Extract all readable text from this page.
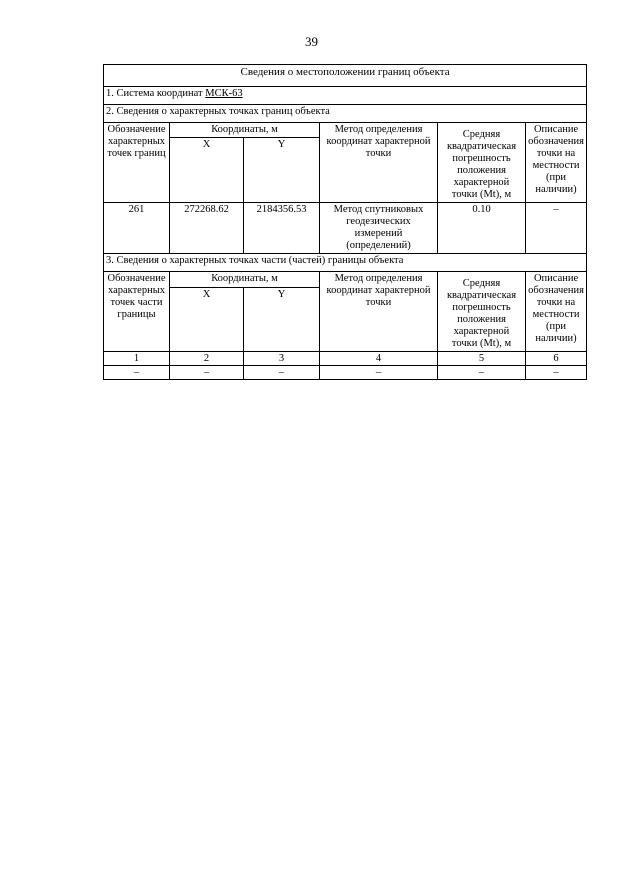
39
Сведения о местоположении границ объекта					
1. Система координат МСК-63					
2. Сведения о характерных точках границ объекта					
Обозначение характерных точек границ	Координаты, м		Метод определения координат характерной точки	Средняя квадратическая погрешность положения характерной точки (Mt), м	Описание обозначения точки на местности (при наличии)
	X	Y			
261	272268.62	2184356.53	Метод спутниковых геодезических измерений (определений)	0.10	–
3. Сведения о характерных точках части (частей) границы объекта					
Обозначение характерных точек части границы	Координаты, м		Метод определения координат характерной точки	Средняя квадратическая погрешность положения характерной точки (Mt), м	Описание обозначения точки на местности (при наличии)
	X	Y			
1	2	3	4	5	6
–	–	–	–	–	–
